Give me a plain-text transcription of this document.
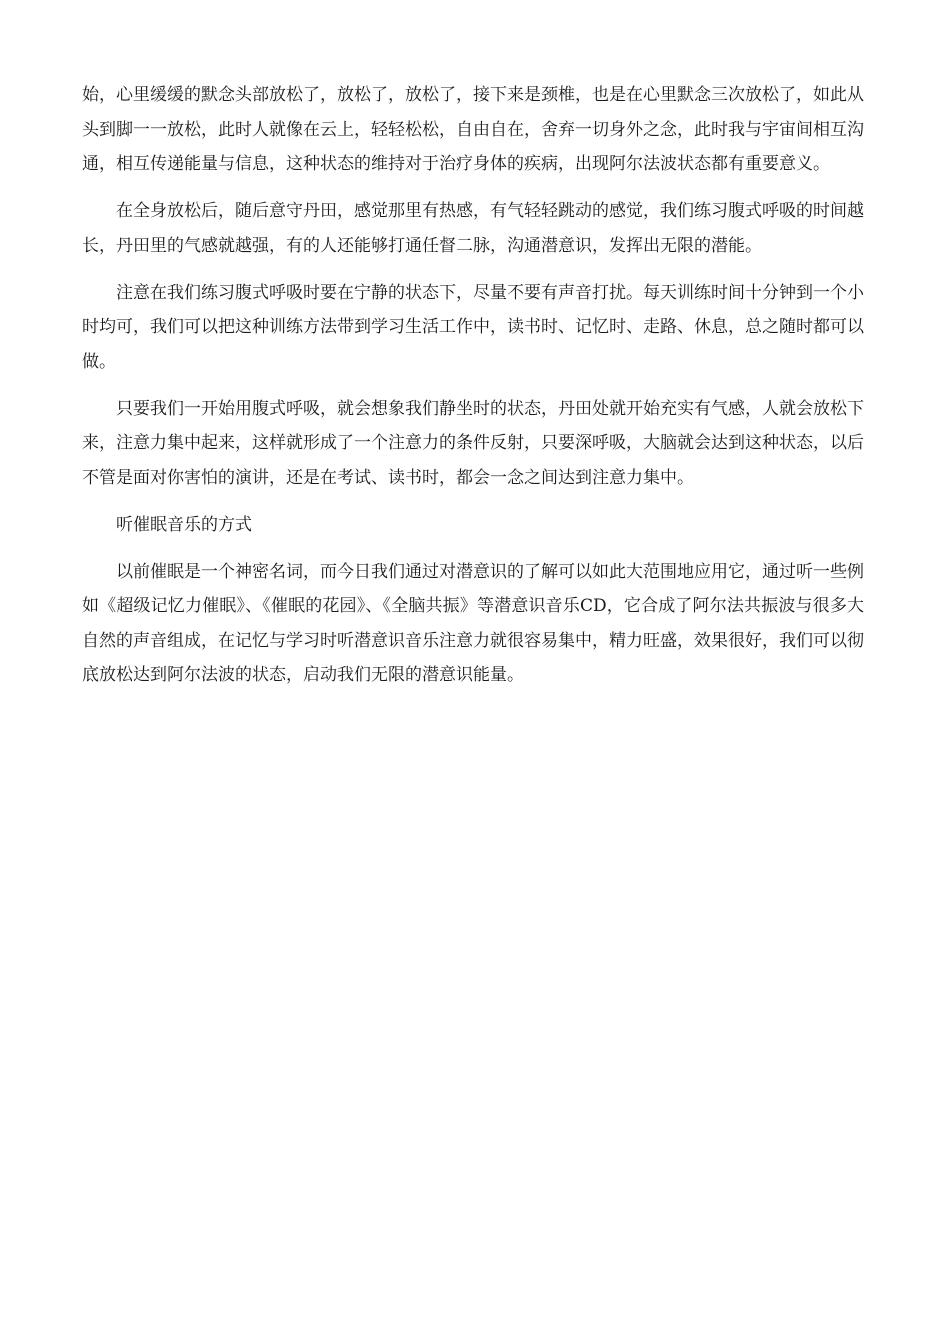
始，心里缓缓的默念头部放松了，放松了，放松了，接下来是颈椎，也是在心里默念三次放松了，如此从头到脚一一放松，此时人就像在云上，轻轻松松，自由自在，舍弃一切身外之念，此时我与宇宙间相互沟通，相互传递能量与信息，这种状态的维持对于治疗身体的疾病，出现阿尔法波状态都有重要意义。

在全身放松后，随后意守丹田，感觉那里有热感，有气轻轻跳动的感觉，我们练习腹式呼吸的时间越长，丹田里的气感就越强，有的人还能够打通任督二脉，沟通潜意识，发挥出无限的潜能。

注意在我们练习腹式呼吸时要在宁静的状态下，尽量不要有声音打扰。每天训练时间十分钟到一个小时均可，我们可以把这种训练方法带到学习生活工作中，读书时、记忆时、走路、休息，总之随时都可以做。

只要我们一开始用腹式呼吸，就会想象我们静坐时的状态，丹田处就开始充实有气感，人就会放松下来，注意力集中起来，这样就形成了一个注意力的条件反射，只要深呼吸，大脑就会达到这种状态，以后不管是面对你害怕的演讲，还是在考试、读书时，都会一念之间达到注意力集中。

听催眠音乐的方式

以前催眠是一个神密名词，而今日我们通过对潜意识的了解可以如此大范围地应用它，通过听一些例如《超级记忆力催眠》、《催眠的花园》、《全脑共振》等潜意识音乐CD，它合成了阿尔法共振波与很多大自然的声音组成，在记忆与学习时听潜意识音乐注意力就很容易集中，精力旺盛，效果很好，我们可以彻底放松达到阿尔法波的状态，启动我们无限的潜意识能量。
